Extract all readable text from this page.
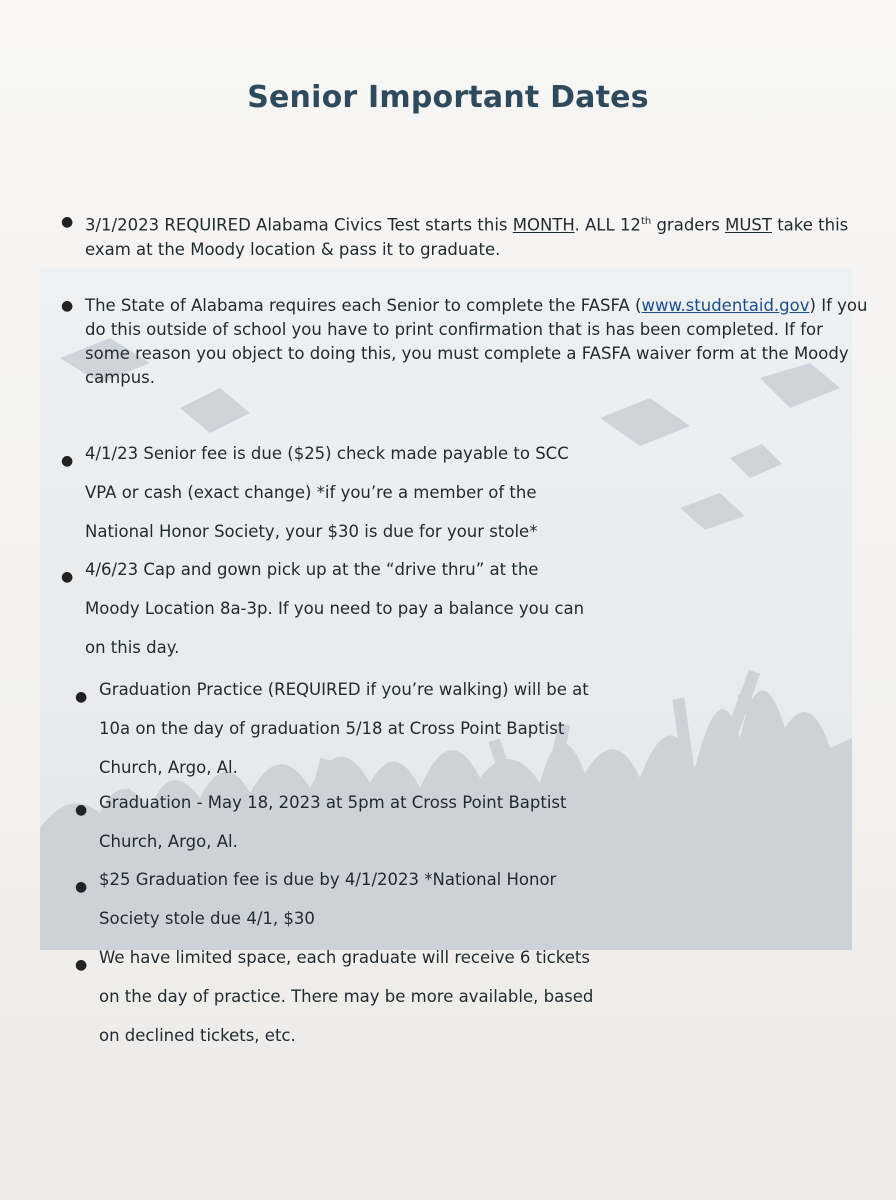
Senior Important Dates
● 3/1/2023 REQUIRED Alabama Civics Test starts this MONTH. ALL 12th graders MUST take this exam at the Moody location & pass it to graduate.
● The State of Alabama requires each Senior to complete the FASFA (www.studentaid.gov) If you do this outside of school you have to print confirmation that is has been completed. If for some reason you object to doing this, you must complete a FASFA waiver form at the Moody campus.
● 4/1/23 Senior fee is due ($25) check made payable to SCC
VPA or cash (exact change) *if you’re a member of the
National Honor Society, your $30 is due for your stole*
● 4/6/23 Cap and gown pick up at the “drive thru” at the
Moody Location 8a-3p. If you need to pay a balance you can
on this day.
● Graduation Practice (REQUIRED if you’re walking) will be at
10a on the day of graduation 5/18 at Cross Point Baptist
Church, Argo, Al.
● Graduation - May 18, 2023 at 5pm at Cross Point Baptist
Church, Argo, Al.
● $25 Graduation fee is due by 4/1/2023 *National Honor
Society stole due 4/1, $30
● We have limited space, each graduate will receive 6 tickets
on the day of practice. There may be more available, based
on declined tickets, etc.
